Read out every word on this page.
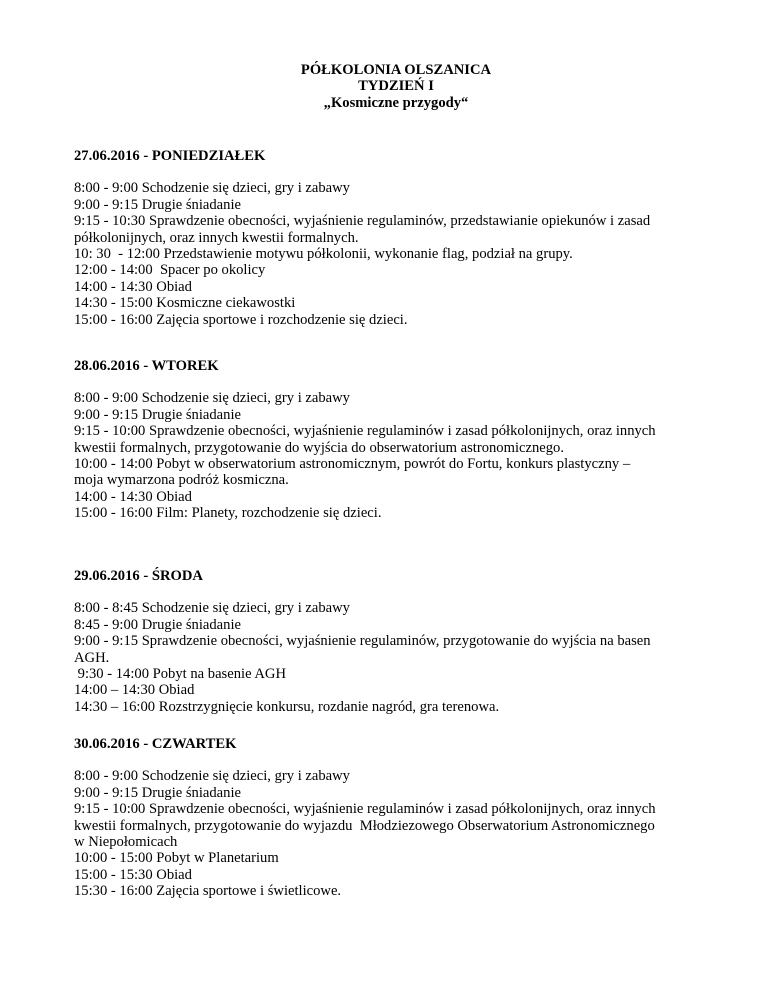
PÓŁKOLONIA OLSZANICA
TYDZIEŃ I
„Kosmiczne przygody“
27.06.2016 - PONIEDZIAŁEK
8:00 - 9:00 Schodzenie się dzieci, gry i zabawy
9:00 - 9:15 Drugie śniadanie
9:15 - 10:30 Sprawdzenie obecności, wyjaśnienie regulaminów, przedstawianie opiekunów i zasad
półkolonijnych, oraz innych kwestii formalnych.
10: 30  - 12:00 Przedstawienie motywu półkolonii, wykonanie flag, podział na grupy.
12:00 - 14:00  Spacer po okolicy
14:00 - 14:30 Obiad
14:30 - 15:00 Kosmiczne ciekawostki
15:00 - 16:00 Zajęcia sportowe i rozchodzenie się dzieci.
28.06.2016 - WTOREK
8:00 - 9:00 Schodzenie się dzieci, gry i zabawy
9:00 - 9:15 Drugie śniadanie
9:15 - 10:00 Sprawdzenie obecności, wyjaśnienie regulaminów i zasad półkolonijnych, oraz innych
kwestii formalnych, przygotowanie do wyjścia do obserwatorium astronomicznego.
10:00 - 14:00 Pobyt w obserwatorium astronomicznym, powrót do Fortu, konkurs plastyczny –
moja wymarzona podróż kosmiczna.
14:00 - 14:30 Obiad
15:00 - 16:00 Film: Planety, rozchodzenie się dzieci.
29.06.2016 - ŚRODA
8:00 - 8:45 Schodzenie się dzieci, gry i zabawy
8:45 - 9:00 Drugie śniadanie
9:00 - 9:15 Sprawdzenie obecności, wyjaśnienie regulaminów, przygotowanie do wyjścia na basen
AGH.
9:30 - 14:00 Pobyt na basenie AGH
14:00 – 14:30 Obiad
14:30 – 16:00 Rozstrzygnięcie konkursu, rozdanie nagród, gra terenowa.
30.06.2016 - CZWARTEK
8:00 - 9:00 Schodzenie się dzieci, gry i zabawy
9:00 - 9:15 Drugie śniadanie
9:15 - 10:00 Sprawdzenie obecności, wyjaśnienie regulaminów i zasad półkolonijnych, oraz innych
kwestii formalnych, przygotowanie do wyjazdu  Młodziezowego Obserwatorium Astronomicznego
w Niepołomicach
10:00 - 15:00 Pobyt w Planetarium
15:00 - 15:30 Obiad
15:30 - 16:00 Zajęcia sportowe i świetlicowe.
